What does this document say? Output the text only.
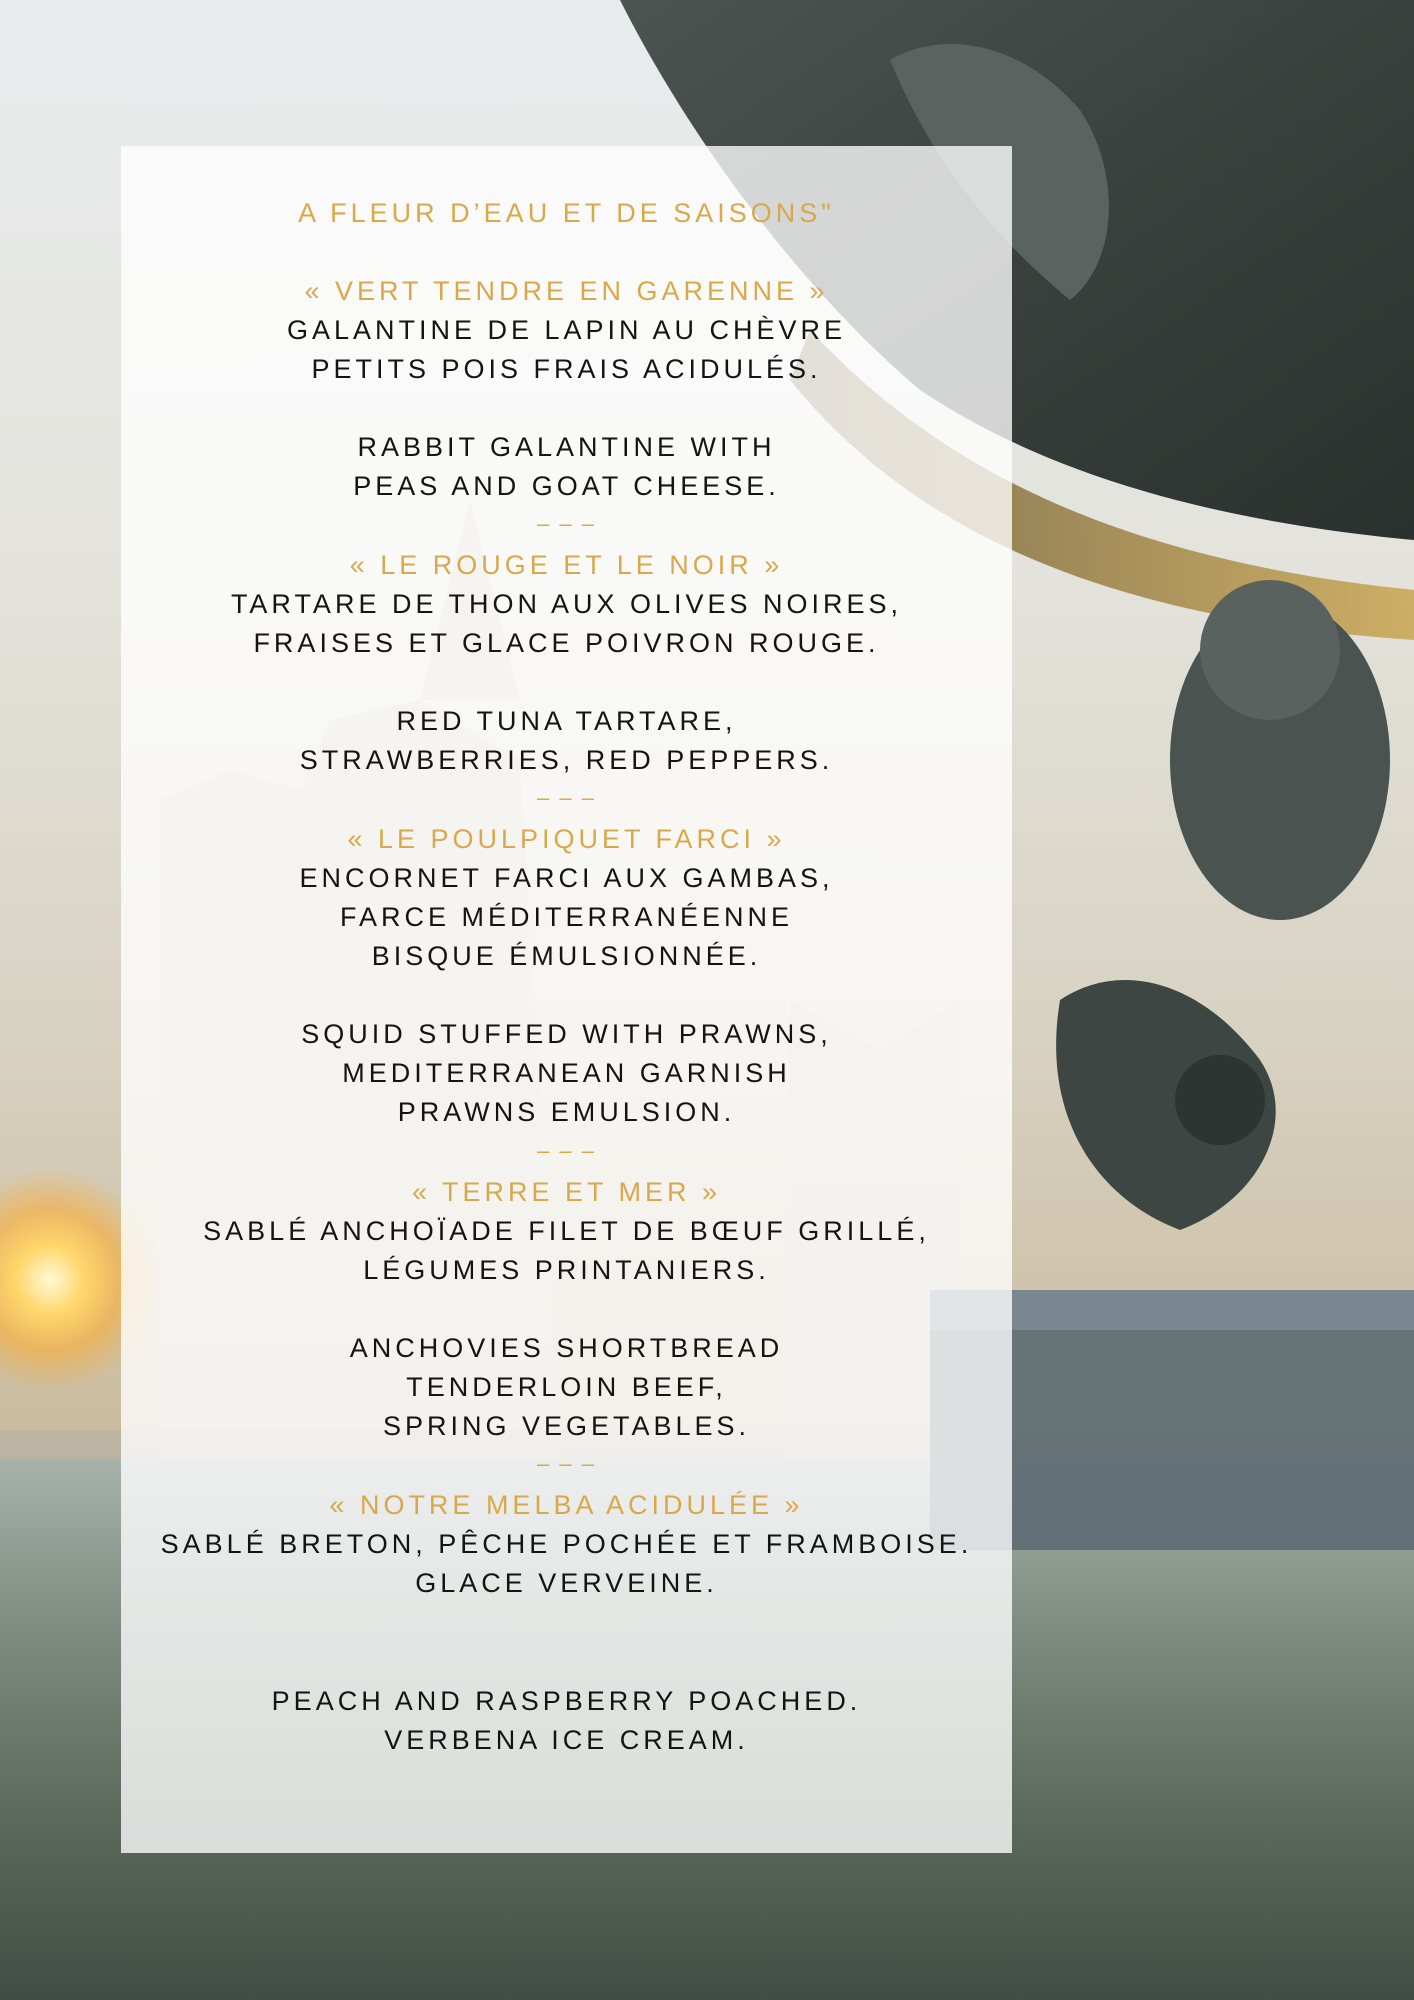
A FLEUR D’EAU ET DE SAISONS"
« VERT TENDRE EN GARENNE »
GALANTINE DE LAPIN AU CHÈVRE
PETITS POIS FRAIS ACIDULÉS.
RABBIT GALANTINE WITH
PEAS AND GOAT CHEESE.
– – –
« LE ROUGE ET LE NOIR »
TARTARE DE THON AUX OLIVES NOIRES,
FRAISES ET GLACE POIVRON ROUGE.
RED TUNA TARTARE,
STRAWBERRIES, RED PEPPERS.
– – –
« LE POULPIQUET FARCI »
ENCORNET FARCI AUX GAMBAS,
FARCE MÉDITERRANÉENNE
BISQUE ÉMULSIONNÉE.
SQUID STUFFED WITH PRAWNS,
MEDITERRANEAN GARNISH
PRAWNS EMULSION.
– – –
« TERRE ET MER »
SABLÉ ANCHOÏADE FILET DE BŒUF GRILLÉ,
LÉGUMES PRINTANIERS.
ANCHOVIES SHORTBREAD
TENDERLOIN BEEF,
SPRING VEGETABLES.
– – –
« NOTRE MELBA ACIDULÉE »
SABLÉ BRETON, PÊCHE POCHÉE ET FRAMBOISE.
GLACE VERVEINE.
PEACH AND RASPBERRY POACHED.
VERBENA ICE CREAM.
